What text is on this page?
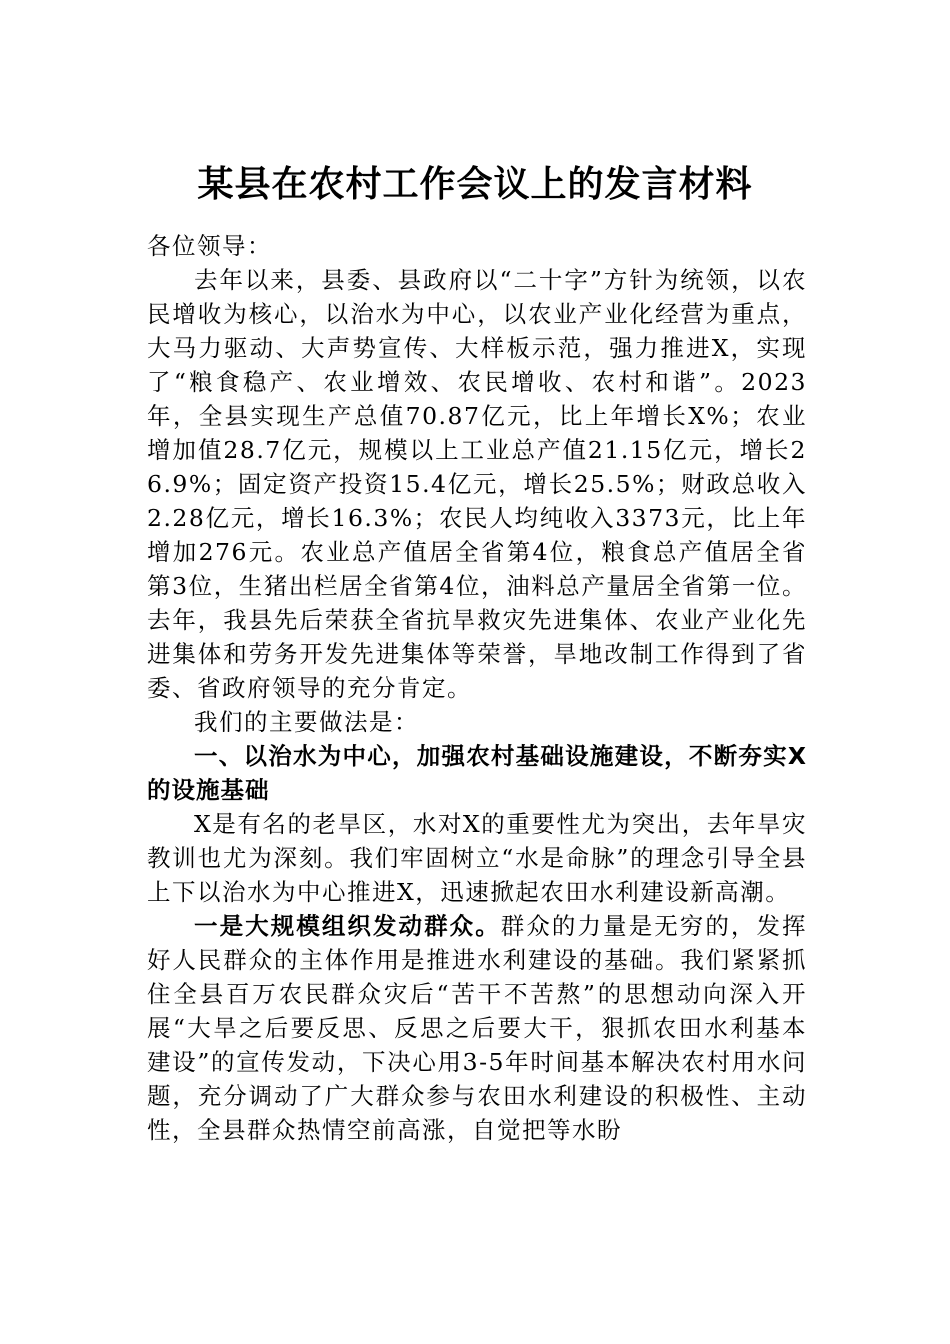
某县在农村工作会议上的发言材料

各位领导：

去年以来，县委、县政府以“二十字”方针为统领，以农民增收为核心，以治水为中心，以农业产业化经营为重点，大马力驱动、大声势宣传、大样板示范，强力推进X，实现了“粮食稳产、农业增效、农民增收、农村和谐”。2023年，全县实现生产总值70.87亿元，比上年增长X%；农业增加值28.7亿元，规模以上工业总产值21.15亿元，增长26.9%；固定资产投资15.4亿元，增长25.5%；财政总收入2.28亿元，增长16.3%；农民人均纯收入3373元，比上年增加276元。农业总产值居全省第4位，粮食总产值居全省第3位，生猪出栏居全省第4位，油料总产量居全省第一位。去年，我县先后荣获全省抗旱救灾先进集体、农业产业化先进集体和劳务开发先进集体等荣誉，旱地改制工作得到了省委、省政府领导的充分肯定。

我们的主要做法是：

一、以治水为中心，加强农村基础设施建设，不断夯实X的设施基础

X是有名的老旱区，水对X的重要性尤为突出，去年旱灾教训也尤为深刻。我们牢固树立“水是命脉”的理念引导全县上下以治水为中心推进X，迅速掀起农田水利建设新高潮。

一是大规模组织发动群众。群众的力量是无穷的，发挥好人民群众的主体作用是推进水利建设的基础。我们紧紧抓住全县百万农民群众灾后“苦干不苦熬”的思想动向深入开展“大旱之后要反思、反思之后要大干，狠抓农田水利基本建设”的宣传发动，下决心用3-5年时间基本解决农村用水问题，充分调动了广大群众参与农田水利建设的积极性、主动性，全县群众热情空前高涨，自觉把等水盼
